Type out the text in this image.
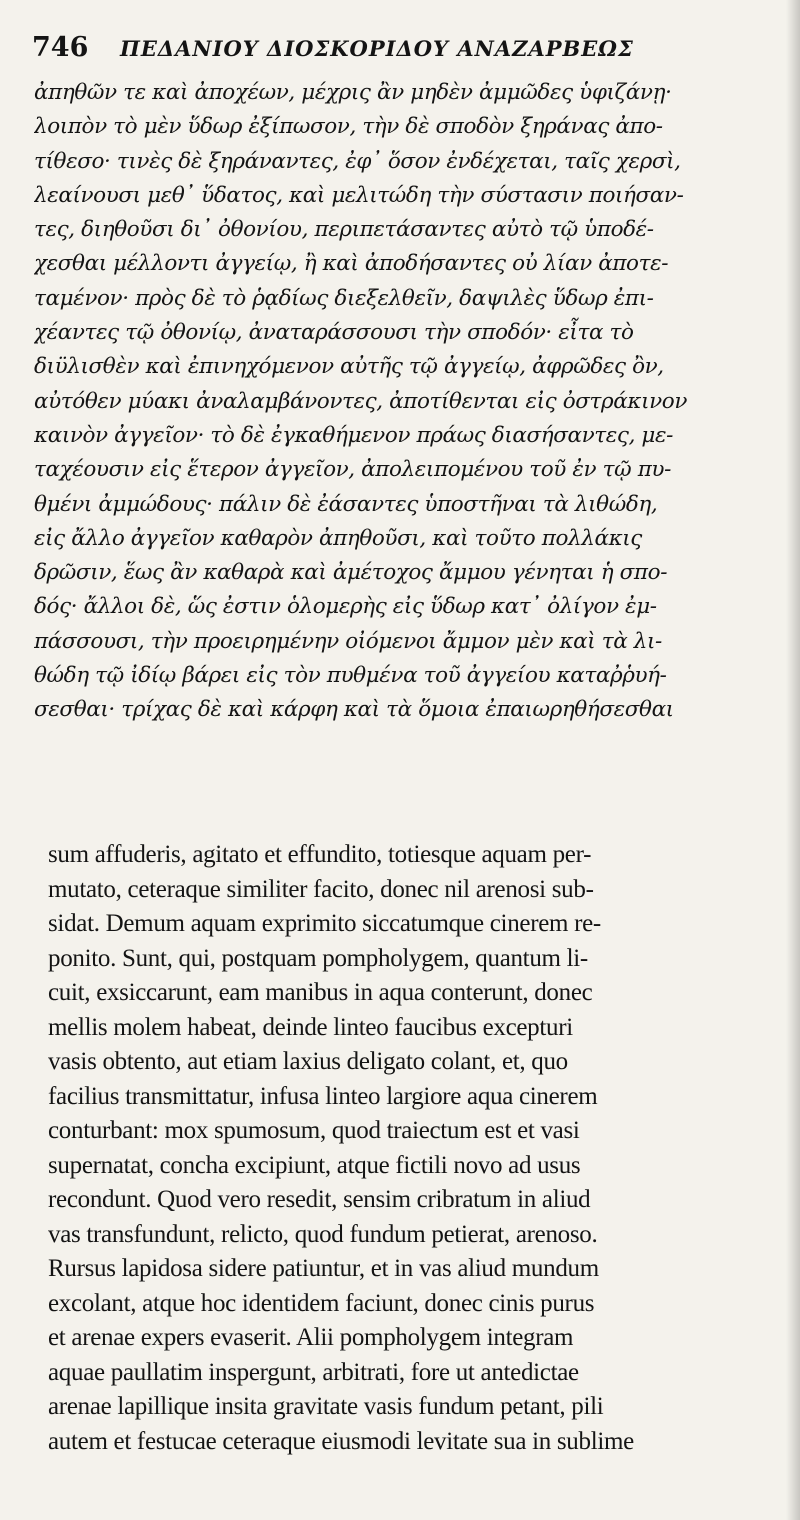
746 ΠΕΔΑΝΙΟΥ ΔΙΟΣΚΟΡΙΔΟΥ ΑΝΑΖΑΡΒΕΩΣ
ἀπηθῶν τε καὶ ἀποχέων, μέχρις ἂν μηδὲν ἀμμῶδες ὑφιζάνῃ·
λοιπὸν τὸ μὲν ὕδωρ ἐξίπωσον, τὴν δὲ σποδὸν ξηράνας ἀπο-
τίθεσο· τινὲς δὲ ξηράναντες, ἐφ᾽ ὅσον ἐνδέχεται, ταῖς χερσὶ,
λεαίνουσι μεθ᾽ ὕδατος, καὶ μελιτώδη τὴν σύστασιν ποιήσαν-
τες, διηθοῦσι δι᾽ ὀθονίου, περιπετάσαντες αὐτὸ τῷ ὑποδέ-
χεσθαι μέλλοντι ἀγγείῳ, ἢ καὶ ἀποδήσαντες οὐ λίαν ἀποτε-
ταμένον· πρὸς δὲ τὸ ῥᾳδίως διεξελθεῖν, δαψιλὲς ὕδωρ ἐπι-
χέαντες τῷ ὀθονίῳ, ἀναταράσσουσι τὴν σποδόν· εἶτα τὸ
διϋλισθὲν καὶ ἐπινηχόμενον αὐτῆς τῷ ἀγγείῳ, ἀφρῶδες ὂν,
αὐτόθεν μύακι ἀναλαμβάνοντες, ἀποτίθενται εἰς ὀστράκινον
καινὸν ἀγγεῖον· τὸ δὲ ἐγκαθήμενον πράως διασήσαντες, με-
ταχέουσιν εἰς ἕτερον ἀγγεῖον, ἀπολειπομένου τοῦ ἐν τῷ πυ-
θμένι ἀμμώδους· πάλιν δὲ ἐάσαντες ὑποστῆναι τὰ λιθώδη,
εἰς ἄλλο ἀγγεῖον καθαρὸν ἀπηθοῦσι, καὶ τοῦτο πολλάκις
δρῶσιν, ἕως ἂν καθαρὰ καὶ ἀμέτοχος ἄμμου γένηται ἡ σπο-
δός· ἄλλοι δὲ, ὥς ἐστιν ὁλομερὴς εἰς ὕδωρ κατ᾽ ὀλίγον ἐμ-
πάσσουσι, τὴν προειρημένην οἰόμενοι ἄμμον μὲν καὶ τὰ λι-
θώδη τῷ ἰδίῳ βάρει εἰς τὸν πυθμένα τοῦ ἀγγείου καταῤῥυή-
σεσθαι· τρίχας δὲ καὶ κάρφη καὶ τὰ ὅμοια ἐπαιωρηθήσεσθαι
sum affuderis, agitato et effundito, totiesque aquam per-
mutato, ceteraque similiter facito, donec nil arenosi sub-
sidat. Demum aquam exprimito siccatumque cinerem re-
ponito. Sunt, qui, postquam pompholygem, quantum li-
cuit, exsiccarunt, eam manibus in aqua conterunt, donec
mellis molem habeat, deinde linteo faucibus excepturi
vasis obtento, aut etiam laxius deligato colant, et, quo
facilius transmittatur, infusa linteo largiore aqua cinerem
conturbant: mox spumosum, quod traiectum est et vasi
supernatat, concha excipiunt, atque fictili novo ad usus
recondunt. Quod vero resedit, sensim cribratum in aliud
vas transfundunt, relicto, quod fundum petierat, arenoso.
Rursus lapidosa sidere patiuntur, et in vas aliud mundum
excolant, atque hoc identidem faciunt, donec cinis purus
et arenae expers evaserit. Alii pompholygem integram
aquae paullatim inspergunt, arbitrati, fore ut antedictae
arenae lapillique insita gravitate vasis fundum petant, pili
autem et festucae ceteraque eiusmodi levitate sua in sublime
